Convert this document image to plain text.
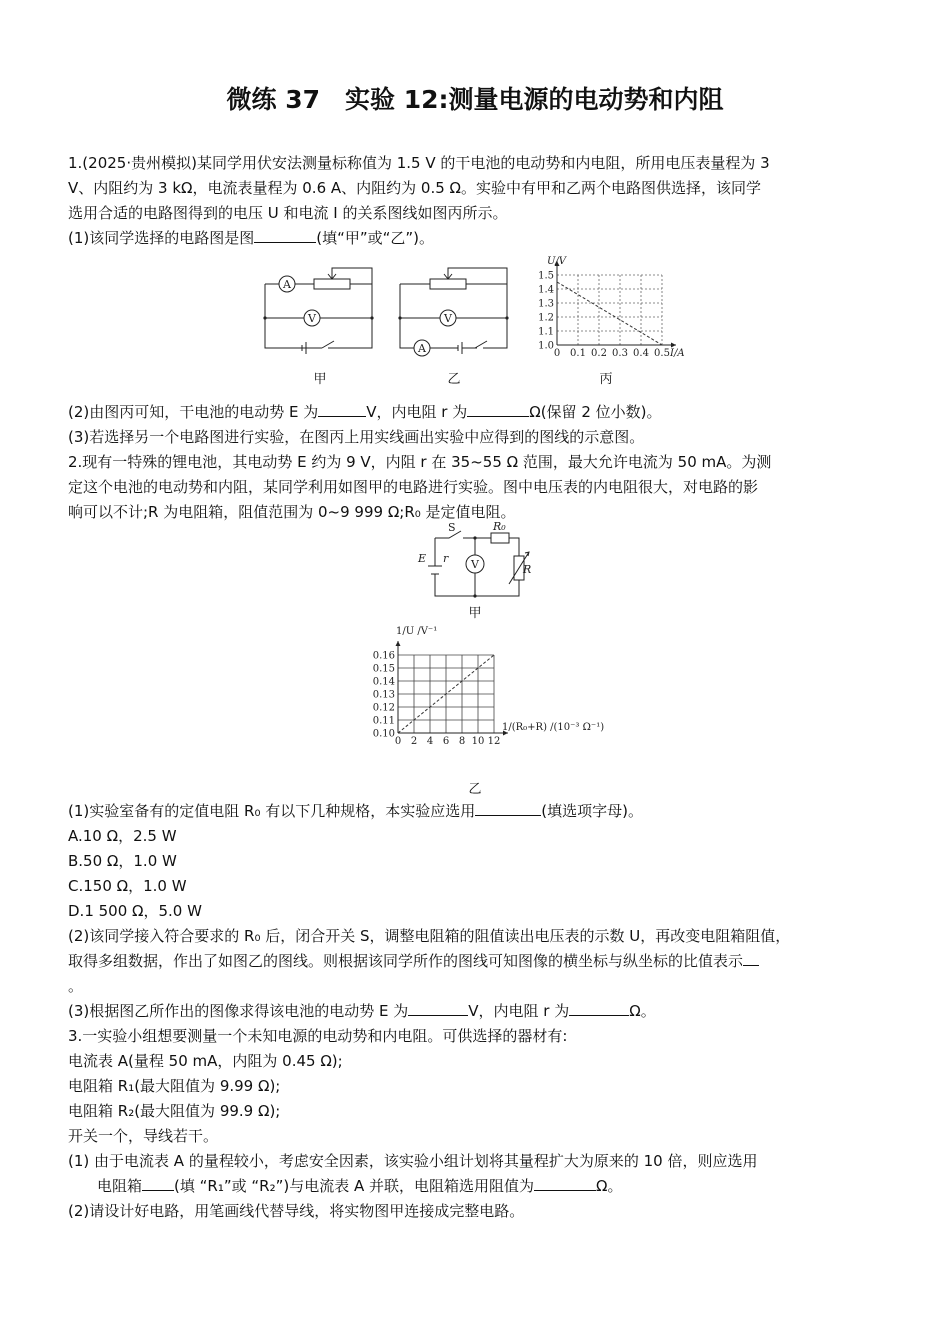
微练 37　实验 12:测量电源的电动势和内阻
1.(2025·贵州模拟)某同学用伏安法测量标称值为 1.5 V 的干电池的电动势和内电阻，所用电压表量程为 3
V、内阻约为 3 kΩ，电流表量程为 0.6 A、内阻约为 0.5 Ω。实验中有甲和乙两个电路图供选择，该同学
选用合适的电路图得到的电压 U 和电流 I 的关系图线如图丙所示。
(1)该同学选择的电路图是图	(填“甲”或“乙”)。
A
V
甲
A
V
乙
0 0.1 0.2 0.3 0.4 0.5
1.0
1.1
1.2
1.3
1.4
1.5
U/V
I/A
丙
(2)由图丙可知，干电池的电动势 E 为	V，内电阻 r 为	Ω(保留 2 位小数)。
(3)若选择另一个电路图进行实验，在图丙上用实线画出实验中应得到的图线的示意图。
2.现有一特殊的锂电池，其电动势 E 约为 9 V，内阻 r 在 35~55 Ω 范围，最大允许电流为 50 mA。为测
定这个电池的电动势和内阻，某同学利用如图甲的电路进行实验。图中电压表的内电阻很大，对电路的影
响可以不计;R 为电阻箱，阻值范围为 0~9 999 Ω;R₀ 是定值电阻。
V
S	R₀
E r
R
甲
0 2 4 6 8 10 12
0.10
0.11
0.12
0.13
0.14
0.15
0.16
1/U /V⁻¹
1/(R₀+R) /(10⁻³ Ω⁻¹)
乙
(1)实验室备有的定值电阻 R₀ 有以下几种规格，本实验应选用	(填选项字母)。
A.10 Ω，2.5 W
B.50 Ω，1.0 W
C.150 Ω，1.0 W
D.1 500 Ω，5.0 W
(2)该同学接入符合要求的 R₀ 后，闭合开关 S，调整电阻箱的阻值读出电压表的示数 U，再改变电阻箱阻值，
取得多组数据，作出了如图乙的图线。则根据该同学所作的图线可知图像的横坐标与纵坐标的比值表示
。
(3)根据图乙所作出的图像求得该电池的电动势 E 为	V，内电阻 r 为	Ω。
3.一实验小组想要测量一个未知电源的电动势和内电阻。可供选择的器材有:
电流表 A(量程 50 mA，内阻为 0.45 Ω);
电阻箱 R₁(最大阻值为 9.99 Ω);
电阻箱 R₂(最大阻值为 99.9 Ω);
开关一个，导线若干。
(1) 由于电流表 A 的量程较小，考虑安全因素，该实验小组计划将其量程扩大为原来的 10 倍，则应选用
电阻箱 (填 “R₁”或 “R₂”)与电流表 A 并联，电阻箱选用阻值为	Ω。
(2)请设计好电路，用笔画线代替导线，将实物图甲连接成完整电路。
